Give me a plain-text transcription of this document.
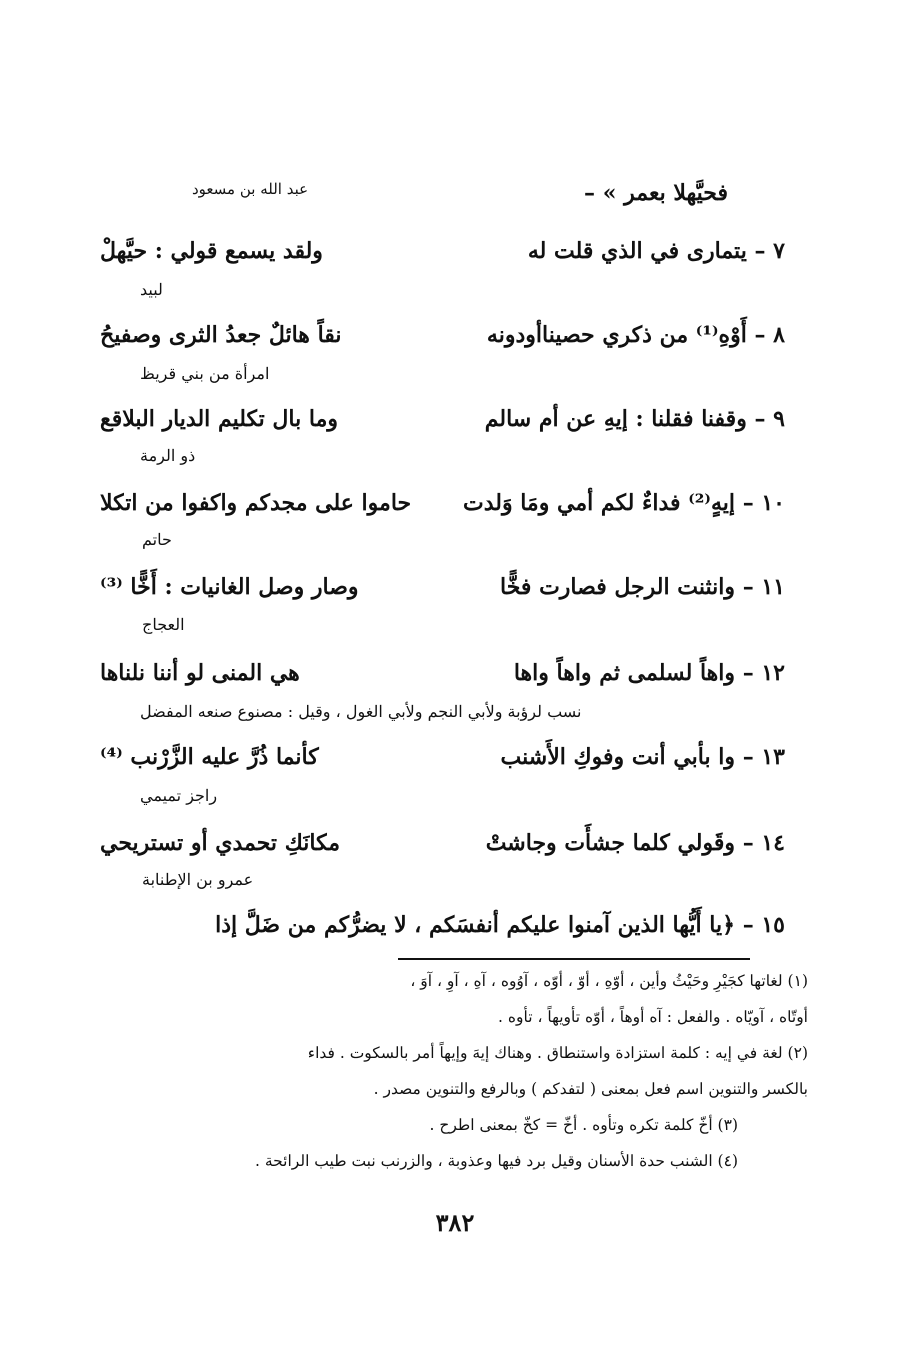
فحيَّهلا بعمر » –
عبد الله بن مسعود
٧ – يتمارى في الذي قلت له
ولقد يسمع قولي : حيَّهلْ
لبيد
٨ – أَوْهِ⁽¹⁾ من ذكري حصيناأودونه
نقاً هائلٌ جعدُ الثرى وصفيحُ
امرأة من بني قريظ
٩ – وقفنا فقلنا : إيهِ عن أم سالم
وما بال تكليم الديار البلاقع
ذو الرمة
١٠ – إيهٍ⁽²⁾ فداءٌ لكم أمي ومَا وَلدت
حاموا على مجدكم واكفوا من اتكلا
حاتم
١١ – وانثنت الرجل فصارت فخًّا
وصار وصل الغانيات : أَخًّا ⁽³⁾
العجاج
١٢ – واهاً لسلمى ثم واهاً واها
هي المنى لو أننا نلناها
نسب لرؤبة ولأبي النجم ولأبي الغول ، وقيل : مصنوع صنعه المفضل
١٣ – وا بأبي أنت وفوكِ الأَشنب
كأنما ذُرَّ عليه الزَّرْنب ⁽⁴⁾
راجز تميمي
١٤ – وقَولي كلما جشأَت وجاشتْ
مكانَكِ تحمدي أو تستريحي
عمرو بن الإطنابة
١٥ – ﴿يا أَيُّها الذين آمنوا عليكم أنفسَكم ، لا يضرُّكم من ضَلَّ إذا
(١) لغاتها كجَيْرِ وحَيْثُ وأين ، أوّهِ ، أوّ ، أوّه ، آوُوه ، آهِ ، آوِ ، آوَ ،
أوتّاه ، آويّاه . والفعل : آه أوهاً ، أوّه تأويهاً ، تأوه .
(٢) لغة في إيه : كلمة استزادة واستنطاق . وهناك إيهَ وإيهاً أمر بالسكوت . فداء
بالكسر والتنوين اسم فعل بمعنى ( لتفدكم ) وبالرفع والتنوين مصدر .
(٣) أخّ كلمة تكره وتأوه . أخّ = كخّ بمعنى اطرح .
(٤) الشنب حدة الأسنان وقيل برد فيها وعذوبة ، والزرنب نبت طيب الرائحة .
٣٨٢
